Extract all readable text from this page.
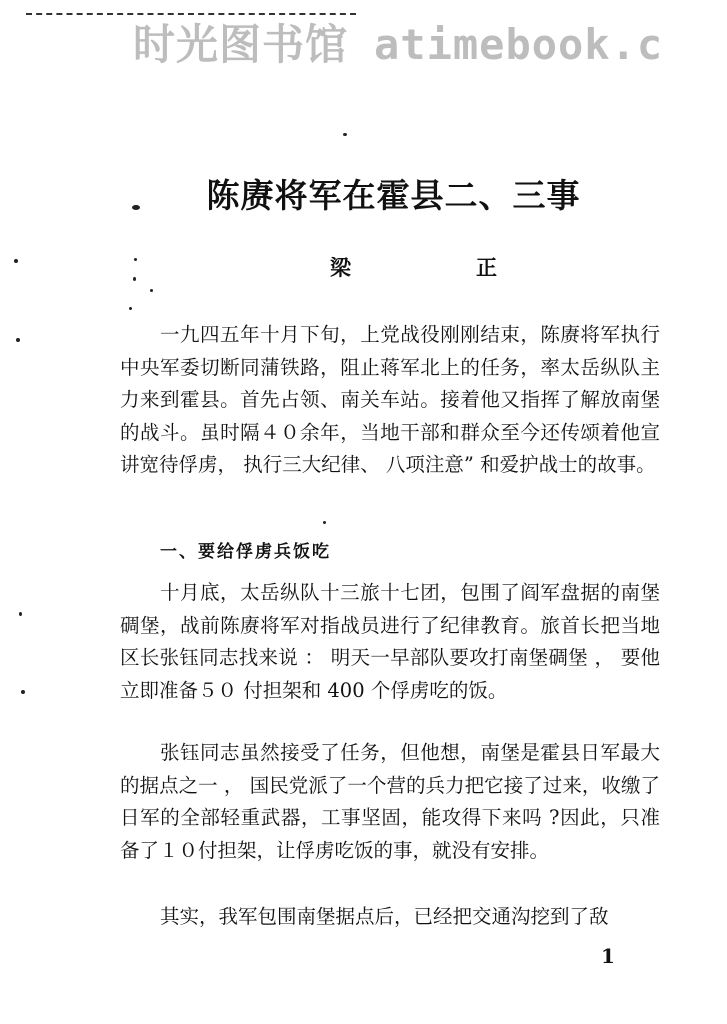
时光图书馆 atimebook.c
陈赓将军在霍县二、三事
梁　正
一九四五年十月下旬，上党战役刚刚结束，陈赓将军执行中央军委切断同蒲铁路，阻止蒋军北上的任务，率太岳纵队主力来到霍县。首先占领、南关车站。接着他又指挥了解放南堡的战斗。虽时隔４０余年，当地干部和群众至今还传颂着他宣讲宽待俘虏， 执行三大纪律、 八项注意” 和爱护战士的故事。
一、要给俘虏兵饭吃
十月底，太岳纵队十三旅十七团，包围了阎军盘据的南堡碉堡，战前陈赓将军对指战员进行了纪律教育。旅首长把当地区长张钰同志找来说 ： 明天一早部队要攻打南堡碉堡 ， 要他立即准备５０ 付担架和 400 个俘虏吃的饭。
张钰同志虽然接受了任务，但他想，南堡是霍县日军最大的据点之一 ， 国民党派了一个营的兵力把它接了过来，收缴了日军的全部轻重武器，工事坚固，能攻得下来吗 ?因此，只准备了１０付担架，让俘虏吃饭的事，就没有安排。
其实，我军包围南堡据点后，已经把交通沟挖到了敌
1
